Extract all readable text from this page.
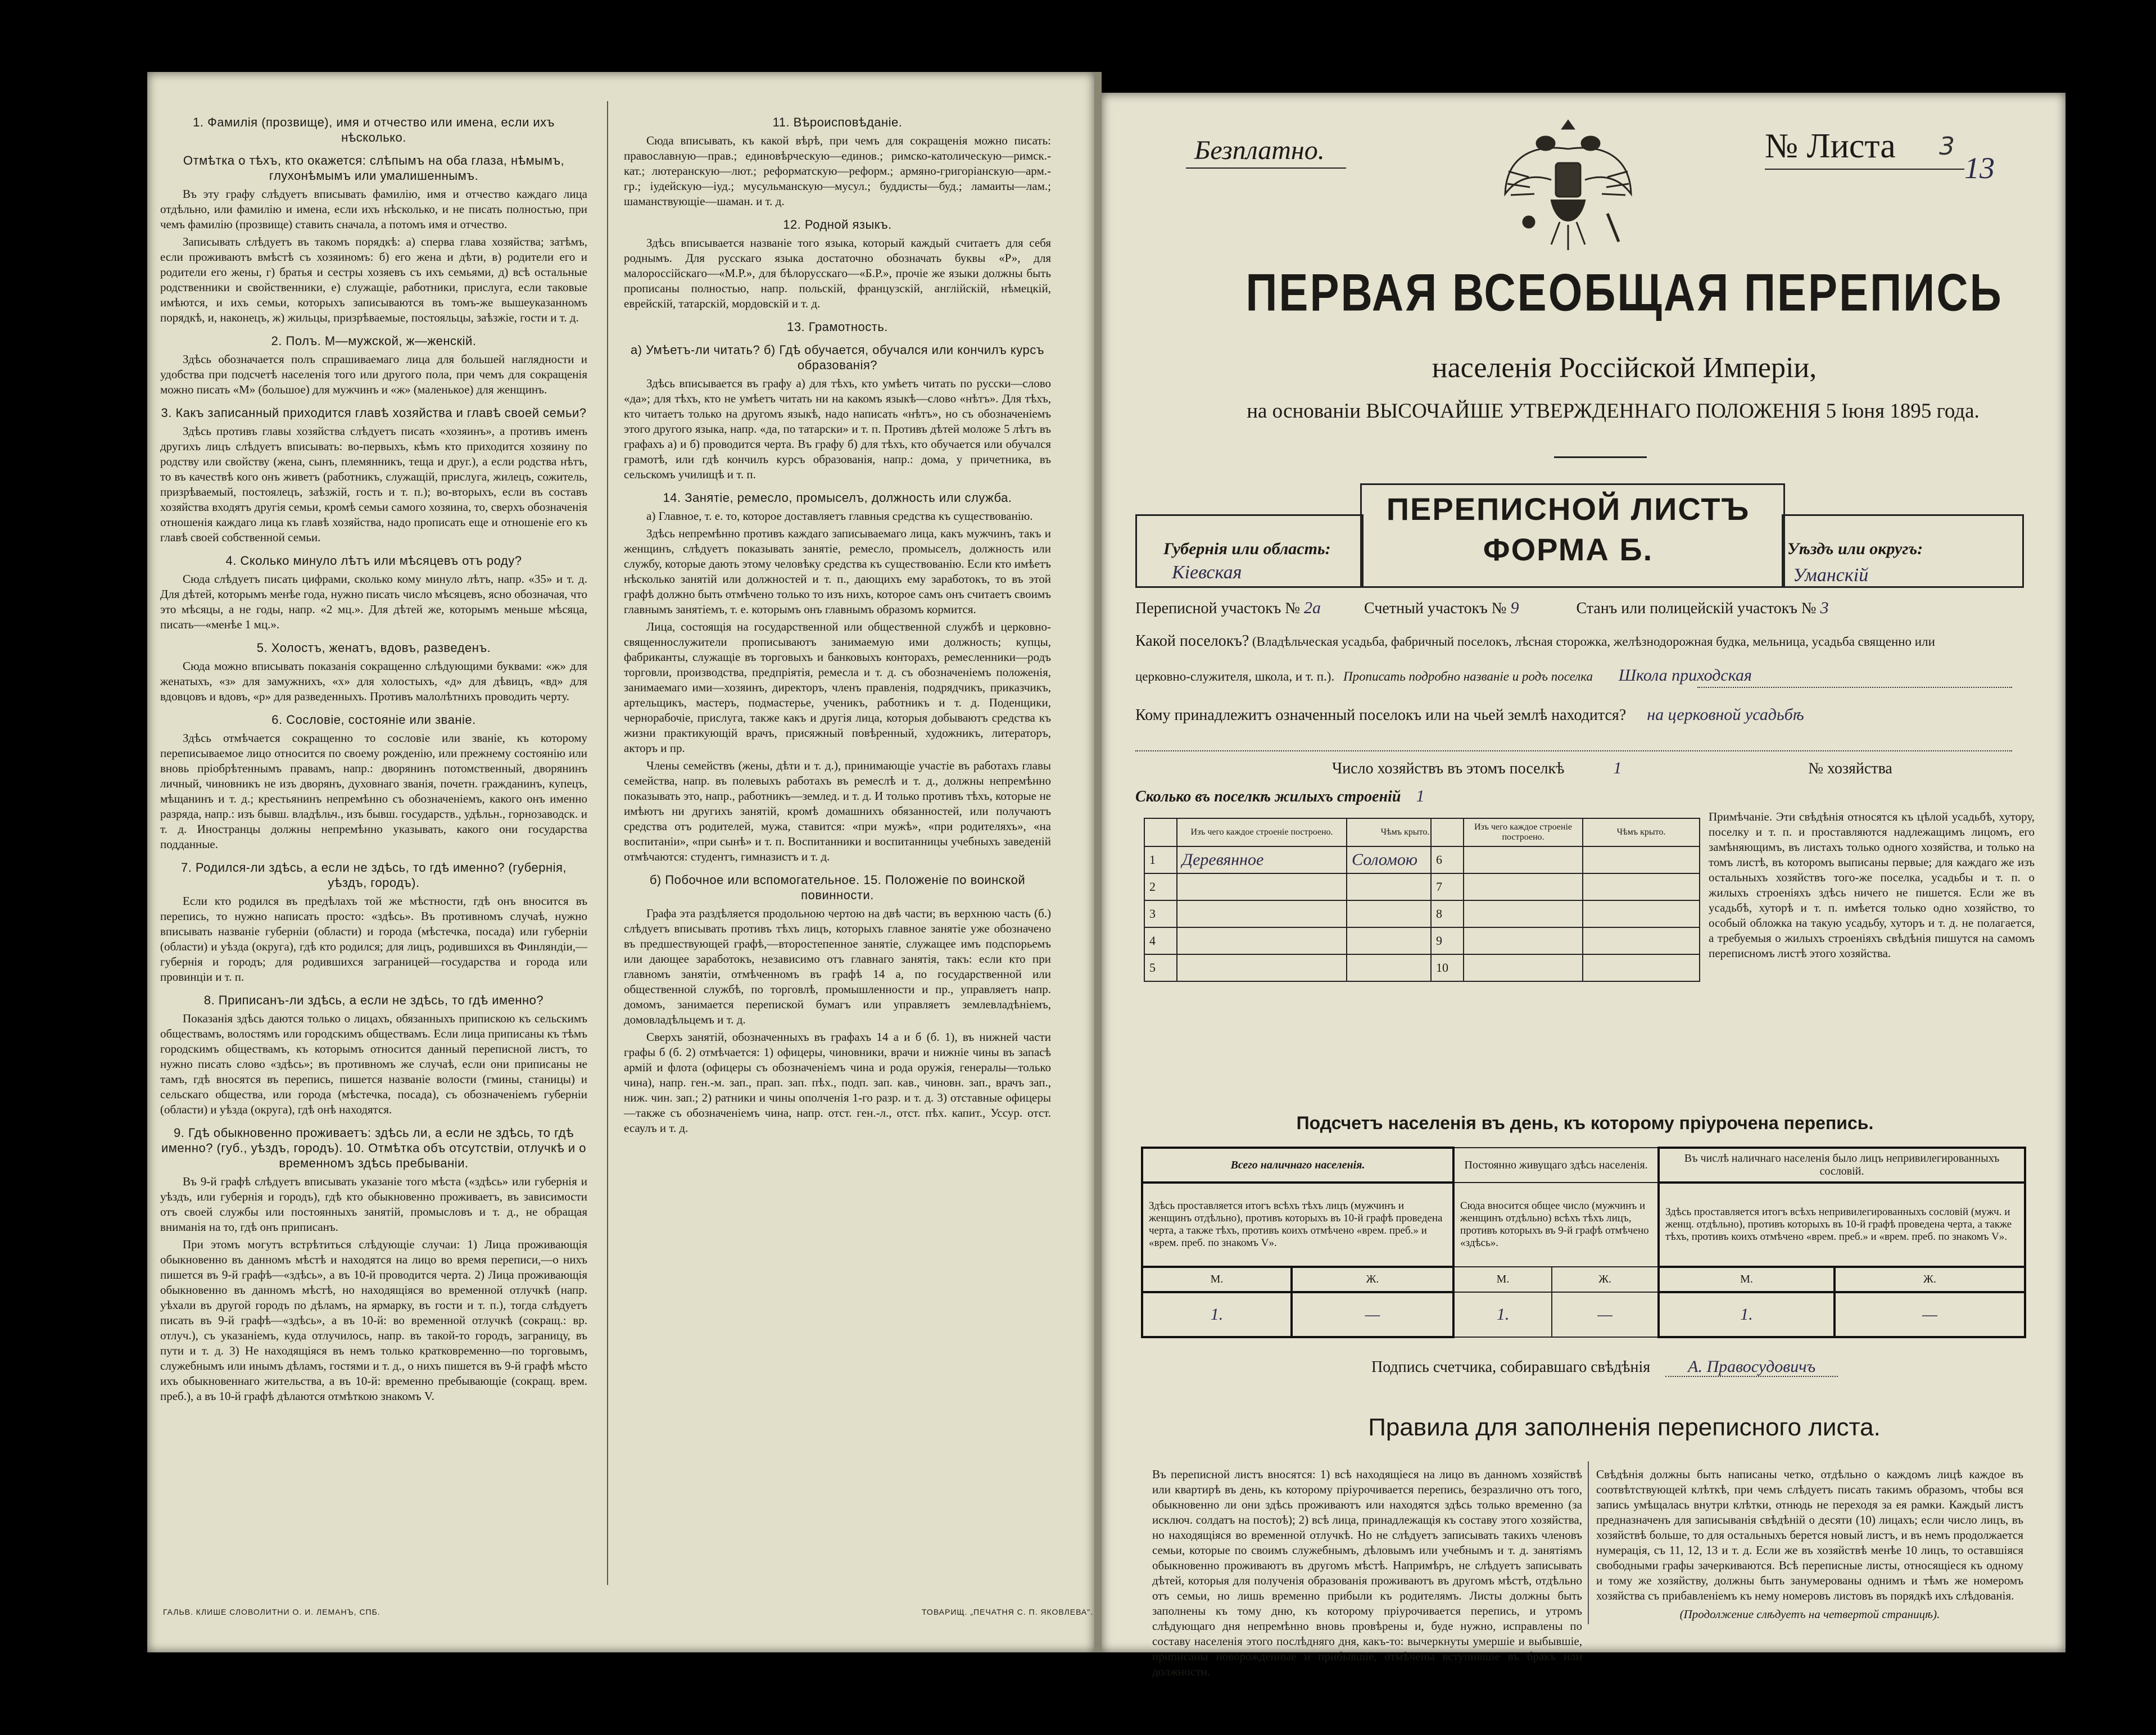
1. Фамилія (прозвище), имя и отчество или имена, если ихъ нѣсколько.
Отмѣтка о тѣхъ, кто окажется: слѣпымъ на оба глаза, нѣмымъ, глухонѣмымъ или умалишеннымъ.
Въ эту графу слѣдуетъ вписывать фамилію, имя и отчество каждаго лица отдѣльно, или фамилію и имена, если ихъ нѣсколько, и не писать полностью, при чемъ фамилію (прозвище) ставить сначала, а потомъ имя и отчество.
Записывать слѣдуетъ въ такомъ порядкѣ: а) сперва глава хозяйства; затѣмъ, если проживаютъ вмѣстѣ съ хозяиномъ: б) его жена и дѣти, в) родители его и родители его жены, г) братья и сестры хозяевъ съ ихъ семьями, д) всѣ остальные родственники и свойственники, е) служащіе, работники, прислуга, если таковые имѣются, и ихъ семьи, которыхъ записываются въ томъ-же вышеуказанномъ порядкѣ, и, наконецъ, ж) жильцы, призрѣваемые, постояльцы, заѣзжіе, гости и т. д.
2. Полъ. М—мужской, ж—женскій.
Здѣсь обозначается полъ спрашиваемаго лица для большей наглядности и удобства при подсчетѣ населенія того или другого пола, при чемъ для сокращенія можно писать «М» (большое) для мужчинъ и «ж» (маленькое) для женщинъ.
3. Какъ записанный приходится главѣ хозяйства и главѣ своей семьи?
Здѣсь противъ главы хозяйства слѣдуетъ писать «хозяинъ», а противъ именъ другихъ лицъ слѣдуетъ вписывать: во-первыхъ, кѣмъ кто приходится хозяину по родству или свойству (жена, сынъ, племянникъ, теща и друг.), а если родства нѣтъ, то въ качествѣ кого онъ живетъ (работникъ, служащій, прислуга, жилецъ, сожитель, призрѣваемый, постоялецъ, заѣзжій, гость и т. п.); во-вторыхъ, если въ составъ хозяйства входятъ другія семьи, кромѣ семьи самого хозяина, то, сверхъ обозначенія отношенія каждаго лица къ главѣ хозяйства, надо прописать еще и отношеніе его къ главѣ своей собственной семьи.
4. Сколько минуло лѣтъ или мѣсяцевъ отъ роду?
Сюда слѣдуетъ писать цифрами, сколько кому минуло лѣтъ, напр. «35» и т. д. Для дѣтей, которымъ менѣе года, нужно писать число мѣсяцевъ, ясно обозначая, что это мѣсяцы, а не годы, напр. «2 мц.». Для дѣтей же, которымъ меньше мѣсяца, писать—«менѣе 1 мц.».
5. Холостъ, женатъ, вдовъ, разведенъ.
Сюда можно вписывать показанія сокращенно слѣдующими буквами: «ж» для женатыхъ, «з» для замужнихъ, «х» для холостыхъ, «д» для дѣвицъ, «вд» для вдовцовъ и вдовъ, «р» для разведенныхъ. Противъ малолѣтнихъ проводить черту.
6. Сословіе, состояніе или званіе.
Здѣсь отмѣчается сокращенно то сословіе или званіе, къ которому переписываемое лицо относится по своему рожденію, или прежнему состоянію или вновь пріобрѣтеннымъ правамъ, напр.: дворянинъ потомственный, дворянинъ личный, чиновникъ не изъ дворянъ, духовнаго званія, почетн. гражданинъ, купецъ, мѣщанинъ и т. д.; крестьянинъ непремѣнно съ обозначеніемъ, какого онъ именно разряда, напр.: изъ бывш. владѣльч., изъ бывш. государств., удѣльн., горнозаводск. и т. д. Иностранцы должны непремѣнно указывать, какого они государства подданные.
7. Родился-ли здѣсь, а если не здѣсь, то гдѣ именно? (губернія, уѣздъ, городъ).
Если кто родился въ предѣлахъ той же мѣстности, гдѣ онъ вносится въ перепись, то нужно написать просто: «здѣсь». Въ противномъ случаѣ, нужно вписывать названіе губерніи (области) и города (мѣстечка, посада) или губерніи (области) и уѣзда (округа), гдѣ кто родился; для лицъ, родившихся въ Финляндіи,—губернія и городъ; для родившихся заграницей—государства и города или провинціи и т. п.
8. Приписанъ-ли здѣсь, а если не здѣсь, то гдѣ именно?
Показанія здѣсь даются только о лицахъ, обязанныхъ припискою къ сельскимъ обществамъ, волостямъ или городскимъ обществамъ. Если лица приписаны къ тѣмъ городскимъ обществамъ, къ которымъ относится данный переписной листъ, то нужно писать слово «здѣсь»; въ противномъ же случаѣ, если они приписаны не тамъ, гдѣ вносятся въ перепись, пишется названіе волости (гмины, станицы) и сельскаго общества, или города (мѣстечка, посада), съ обозначеніемъ губерніи (области) и уѣзда (округа), гдѣ онѣ находятся.
9. Гдѣ обыкновенно проживаетъ: здѣсь ли, а если не здѣсь, то гдѣ именно? (губ., уѣздъ, городъ). 10. Отмѣтка объ отсутствіи, отлучкѣ и о временномъ здѣсь пребываніи.
Въ 9-й графѣ слѣдуетъ вписывать указаніе того мѣста («здѣсь» или губернія и уѣздъ, или губернія и городъ), гдѣ кто обыкновенно проживаетъ, въ зависимости отъ своей службы или постоянныхъ занятій, промысловъ и т. д., не обращая вниманія на то, гдѣ онъ приписанъ.
При этомъ могутъ встрѣтиться слѣдующіе случаи: 1) Лица проживающія обыкновенно въ данномъ мѣстѣ и находятся на лицо во время переписи,—о нихъ пишется въ 9-й графѣ—«здѣсь», а въ 10-й проводится черта. 2) Лица проживающія обыкновенно въ данномъ мѣстѣ, но находящіяся во временной отлучкѣ (напр. уѣхали въ другой городъ по дѣламъ, на ярмарку, въ гости и т. п.), тогда слѣдуетъ писать въ 9-й графѣ—«здѣсь», а въ 10-й: во временной отлучкѣ (сокращ.: вр. отлуч.), съ указаніемъ, куда отлучилось, напр. въ такой-то городъ, заграницу, въ пути и т. д. 3) Не находящіяся въ немъ только кратковременно—по торговымъ, служебнымъ или инымъ дѣламъ, гостями и т. д., о нихъ пишется въ 9-й графѣ мѣсто ихъ обыкновеннаго жительства, а въ 10-й: временно пребывающіе (сокращ. врем. преб.), а въ 10-й графѣ дѣлаются отмѣткою знакомъ V.
11. Вѣроисповѣданіе.
Сюда вписывать, къ какой вѣрѣ, при чемъ для сокращенія можно писать: православную—прав.; единовѣрческую—единов.; римско-католическую—римск.-кат.; лютеранскую—лют.; реформатскую—реформ.; армяно-григоріанскую—арм.-гр.; іудейскую—іуд.; мусульманскую—мусул.; буддисты—буд.; ламаиты—лам.; шаманствующіе—шаман. и т. д.
12. Родной языкъ.
Здѣсь вписывается названіе того языка, который каждый считаетъ для себя роднымъ. Для русскаго языка достаточно обозначать буквы «Р», для малороссійскаго—«М.Р.», для бѣлорусскаго—«Б.Р.», прочіе же языки должны быть прописаны полностью, напр. польскій, французскій, англійскій, нѣмецкій, еврейскій, татарскій, мордовскій и т. д.
13. Грамотность.
а) Умѣетъ-ли читать? б) Гдѣ обучается, обучался или кончилъ курсъ образованія?
Здѣсь вписывается въ графу а) для тѣхъ, кто умѣетъ читать по русски—слово «да»; для тѣхъ, кто не умѣетъ читать ни на какомъ языкѣ—слово «нѣтъ». Для тѣхъ, кто читаетъ только на другомъ языкѣ, надо написать «нѣтъ», но съ обозначеніемъ этого другого языка, напр. «да, по татарски» и т. п. Противъ дѣтей моложе 5 лѣтъ въ графахъ а) и б) проводится черта. Въ графу б) для тѣхъ, кто обучается или обучался грамотѣ, или гдѣ кончилъ курсъ образованія, напр.: дома, у причетника, въ сельскомъ училищѣ и т. п.
14. Занятіе, ремесло, промыселъ, должность или служба.
а) Главное, т. е. то, которое доставляетъ главныя средства къ существованію.
Здѣсь непремѣнно противъ каждаго записываемаго лица, какъ мужчинъ, такъ и женщинъ, слѣдуетъ показывать занятіе, ремесло, промыселъ, должность или службу, которые дають этому человѣку средства къ существованію. Если кто имѣетъ нѣсколько занятій или должностей и т. п., дающихъ ему заработокъ, то въ этой графѣ должно быть отмѣчено только то изъ нихъ, которое самъ онъ считаетъ своимъ главнымъ занятіемъ, т. е. которымъ онъ главнымъ образомъ кормится.
Лица, состоящія на государственной или общественной службѣ и церковно-священнослужители прописываютъ занимаемую ими должность; купцы, фабриканты, служащіе въ торговыхъ и банковыхъ конторахъ, ремесленники—родъ торговли, производства, предпріятія, ремесла и т. д. съ обозначеніемъ положенія, занимаемаго ими—хозяинъ, директоръ, членъ правленія, подрядчикъ, приказчикъ, артельщикъ, мастеръ, подмастерье, ученикъ, работникъ и т. д. Поденщики, чернорабочіе, прислуга, также какъ и другія лица, которыя добываютъ средства къ жизни практикующій врачъ, присяжный повѣренный, художникъ, литераторъ, акторъ и пр.
Члены семействъ (жены, дѣти и т. д.), принимающіе участіе въ работахъ главы семейства, напр. въ полевыхъ работахъ въ ремеслѣ и т. д., должны непремѣнно показывать это, напр., работникъ—землед. и т. д. И только противъ тѣхъ, которые не имѣютъ ни другихъ занятій, кромѣ домашнихъ обязанностей, или получаютъ средства отъ родителей, мужа, ставится: «при мужѣ», «при родителяхъ», «на воспитаніи», «при сынѣ» и т. п. Воспитанники и воспитанницы учебныхъ заведеній отмѣчаются: студентъ, гимназистъ и т. д.
б) Побочное или вспомогательное. 15. Положеніе по воинской повинности.
Графа эта раздѣляется продольною чертою на двѣ части; въ верхнюю часть (б.) слѣдуетъ вписывать противъ тѣхъ лицъ, которыхъ главное занятіе уже обозначено въ предшествующей графѣ,—второстепенное занятіе, служащее имъ подспорьемъ или дающее заработокъ, независимо отъ главнаго занятія, такъ: если кто при главномъ занятіи, отмѣченномъ въ графѣ 14 а, по государственной или общественной службѣ, по торговлѣ, промышленности и пр., управляетъ напр. домомъ, занимается перепиской бумагъ или управляетъ землевладѣніемъ, домовладѣльцемъ и т. д.
Сверхъ занятій, обозначенныхъ въ графахъ 14 а и б (б. 1), въ нижней части графы б (б. 2) отмѣчается: 1) офицеры, чиновники, врачи и нижніе чины въ запасѣ армій и флота (офицеры съ обозначеніемъ чина и рода оружія, генералы—только чина), напр. ген.-м. зап., прап. зап. пѣх., подп. зап. кав., чиновн. зап., врачъ зап., ниж. чин. зап.; 2) ратники и чины ополченія 1-го разр. и т. д. 3) отставные офицеры—также съ обозначеніемъ чина, напр. отст. ген.-л., отст. пѣх. капит., Уссур. отст. есаулъ и т. д.
ГАЛЬВ. КЛИШЕ СЛОВОЛИТНИ О. И. ЛЕМАНЪ, СПБ.	ТОВАРИЩ. „ПЕЧАТНЯ С. П. ЯКОВЛЕВА".
Безплатно.	№ Листа 3
13
ПЕРВАЯ ВСЕОБЩАЯ ПЕРЕПИСЬ
населенія Россійской Имперіи,
на основаніи ВЫСОЧАЙШЕ УТВЕРЖДЕННАГО ПОЛОЖЕНІЯ 5 Іюня 1895 года.
Губернія или область:
Кіевская
ПЕРЕПИСНОЙ ЛИСТЪ
ФОРМА Б.	Уѣздъ или округъ:
Уманскій
Переписной участокъ № 2а	Счетный участокъ № 9	Станъ или полицейскій участокъ № 3
Какой поселокъ? (Владѣльческая усадьба, фабричный поселокъ, лѣсная сторожка, желѣзнодорожная будка, мельница, усадьба священно или
церковно-служителя, школа, и т. п.). Прописать подробно названіе и родъ поселка Школа приходская
Кому принадлежитъ означенный поселокъ или на чьей землѣ находится? на церковной усадьбѣ
Число хозяйствъ въ этомъ поселкѣ	1	№ хозяйства
Сколько въ поселкѣ жилыхъ строеній 1
	Изъ чего каждое строеніе построено.	Чѣмъ крыто.
1	Деревянное	Соломою
2		
3		
4		
5		
	Изъ чего каждое строеніе построено.	Чѣмъ крыто.
6		
7		
8		
9		
10		
Примѣчаніе. Эти свѣдѣнія относятся къ цѣлой усадьбѣ, хутору, поселку и т. п. и проставляются надлежащимъ лицомъ, его замѣняющимъ, въ листахъ только одного хозяйства, и только на томъ листѣ, въ которомъ выписаны первые; для каждаго же изъ остальныхъ хозяйствъ того-же поселка, усадьбы и т. п. о жилыхъ строеніяхъ здѣсь ничего не пишется. Если же въ усадьбѣ, хуторѣ и т. п. имѣется только одно хозяйство, то особый обложка на такую усадьбу, хуторъ и т. д. не полагается, а требуемыя о жилыхъ строеніяхъ свѣдѣнія пишутся на самомъ переписномъ листѣ этого хозяйства.
Подсчетъ населенія въ день, къ которому пріурочена перепись.
Всего наличнаго населенія.		Постоянно живущаго здѣсь населенія.		Въ числѣ наличнаго населенія было лицъ непривилегированныхъ сословій.	
Здѣсь проставляется итогъ всѣхъ тѣхъ лицъ (мужчинъ и женщинъ отдѣльно), противъ которыхъ въ 10-й графѣ проведена черта, а также тѣхъ, противъ коихъ отмѣчено «врем. преб.» и «врем. преб. по знакомъ V».		Сюда вносится общее число (мужчинъ и женщинъ отдѣльно) всѣхъ тѣхъ лицъ, противъ которыхъ въ 9-й графѣ отмѣчено «здѣсь».		Здѣсь проставляется итогъ всѣхъ непривилегированныхъ сословій (мужч. и женщ. отдѣльно), противъ которыхъ въ 10-й графѣ проведена черта, а также тѣхъ, противъ коихъ отмѣчено «врем. преб.» и «врем. преб. по знакомъ V».	
М.	Ж.	М.	Ж.	М.	Ж.
1.	—	1.	—	1.	—
Подпись счетчика, собиравшаго свѣдѣнія А. Правосудовичъ
Правила для заполненія переписного листа.
Въ переписной листъ вносятся: 1) всѣ находящіеся на лицо въ данномъ хозяйствѣ или квартирѣ въ день, къ которому пріурочивается перепись, безразлично отъ того, обыкновенно ли они здѣсь проживаютъ или находятся здѣсь только временно (за исключ. солдатъ на постоѣ); 2) всѣ лица, принадлежащія къ составу этого хозяйства, но находящіяся во временной отлучкѣ. Но не слѣдуетъ записывать такихъ членовъ семьи, которые по своимъ служебнымъ, дѣловымъ или учебнымъ и т. д. занятіямъ обыкновенно проживаютъ въ другомъ мѣстѣ. Напримѣръ, не слѣдуетъ записывать дѣтей, которыя для полученія образованія проживаютъ въ другомъ мѣстѣ, отдѣльно отъ семьи, но лишь временно прибыли къ родителямъ. Листы должны быть заполнены къ тому дню, къ которому пріурочивается перепись, и утромъ слѣдующаго дня непремѣнно вновь провѣрены и, буде нужно, исправлены по составу населенія этого послѣдняго дня, какъ-то: вычеркнуты умершіе и выбывшіе, приписаны новорожденные и прибывшіе, отмѣчены вступившіе въ бракъ или должности.
Свѣдѣнія должны быть написаны четко, отдѣльно о каждомъ лицѣ каждое въ соотвѣтствующей клѣткѣ, при чемъ слѣдуетъ писать такимъ образомъ, чтобы вся запись умѣщалась внутри клѣтки, отнюдь не переходя за ея рамки. Каждый листъ предназначенъ для записыванія свѣдѣній о десяти (10) лицахъ; если число лицъ, въ хозяйствѣ больше, то для остальныхъ берется новый листъ, и въ немъ продолжается нумерація, съ 11, 12, 13 и т. д. Если же въ хозяйствѣ менѣе 10 лицъ, то оставшіяся свободными графы зачеркиваются. Всѣ переписные листы, относящіеся къ одному и тому же хозяйству, должны быть занумерованы однимъ и тѣмъ же номеромъ хозяйства съ прибавленіемъ къ нему номеровъ листовъ въ порядкѣ ихъ слѣдованія.
(Продолжение слѣдуетъ на четвертой страницѣ).
